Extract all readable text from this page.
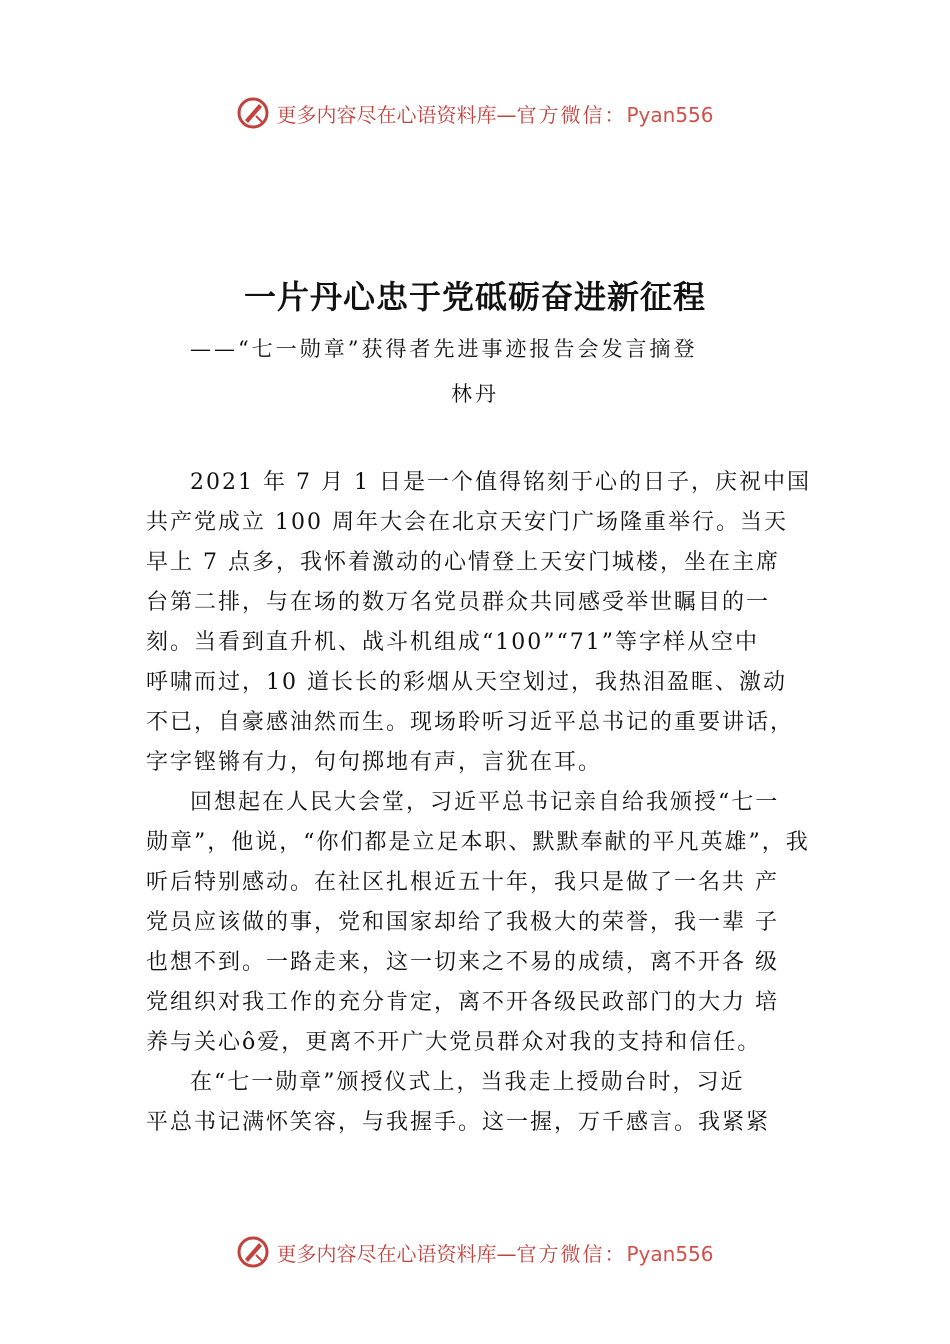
更多内容尽在心语资料库—官方微信：Pyan556
一片丹心忠于党砥砺奋进新征程
——“七一勋章”获得者先进事迹报告会发言摘登
林丹
2021 年 7 月 1 日是一个值得铭刻于心的日子，庆祝中国
共产党成立 100 周年大会在北京天安门广场隆重举行。当天
早上 7 点多，我怀着激动的心情登上天安门城楼，坐在主席
台第二排，与在场的数万名党员群众共同感受举世瞩目的一
刻。当看到直升机、战斗机组成“100”“71”等字样从空中
呼啸而过，10 道长长的彩烟从天空划过，我热泪盈眶、激动
不已，自豪感油然而生。现场聆听习近平总书记的重要讲话，
字字铿锵有力，句句掷地有声，言犹在耳。
回想起在人民大会堂，习近平总书记亲自给我颁授“七一
勋章”，他说，“你们都是立足本职、默默奉献的平凡英雄”，我
听后特别感动。在社区扎根近五十年，我只是做了一名共 产
党员应该做的事，党和国家却给了我极大的荣誉，我一辈 子
也想不到。一路走来，这一切来之不易的成绩，离不开各 级
党组织对我工作的充分肯定，离不开各级民政部门的大力 培
养与关心ô爱，更离不开广大党员群众对我的支持和信任。
在“七一勋章”颁授仪式上，当我走上授勋台时，习近
平总书记满怀笑容，与我握手。这一握，万千感言。我紧紧
更多内容尽在心语资料库—官方微信：Pyan556
